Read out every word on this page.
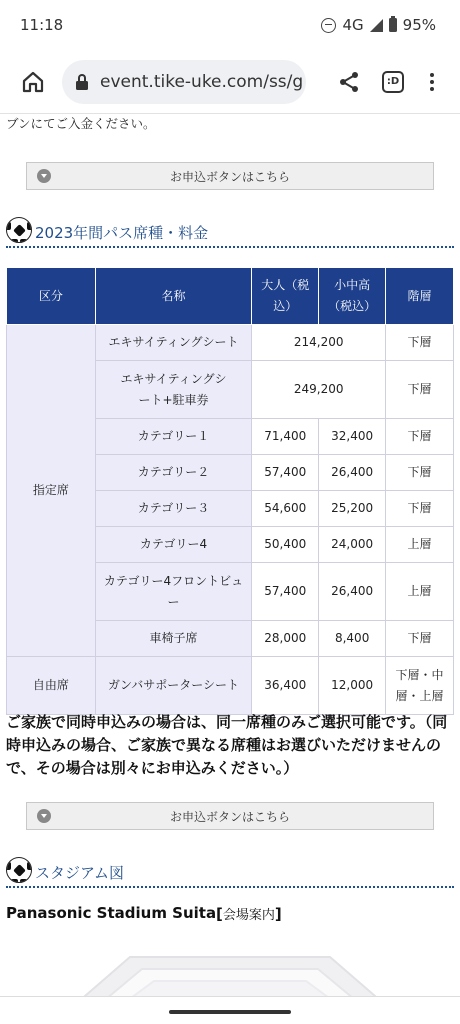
11:18	4G	95%
event.tike-uke.com/ss/g	:D
ブンにてご入金ください。
お申込ボタンはこちら
2023年間パス席種・料金
区分	名称	大人（税込）	小中高（税込）	階層
指定席	エキサイティングシート	214,200		下層
	エキサイティングシート+駐車券	249,200		下層
	カテゴリー１	71,400	32,400	下層
	カテゴリー２	57,400	26,400	下層
	カテゴリー３	54,600	25,200	下層
	カテゴリー4	50,400	24,000	上層
	カテゴリー4フロントビュー	57,400	26,400	上層
	車椅子席	28,000	8,400	下層
自由席	ガンバサポーターシート	36,400	12,000	下層・中層・上層
ご家族で同時申込みの場合は、同一席種のみご選択可能です。（同時申込みの場合、ご家族で異なる席種はお選びいただけませんので、その場合は別々にお申込みください。）
お申込ボタンはこちら
スタジアム図
Panasonic Stadium Suita [会場案内]
